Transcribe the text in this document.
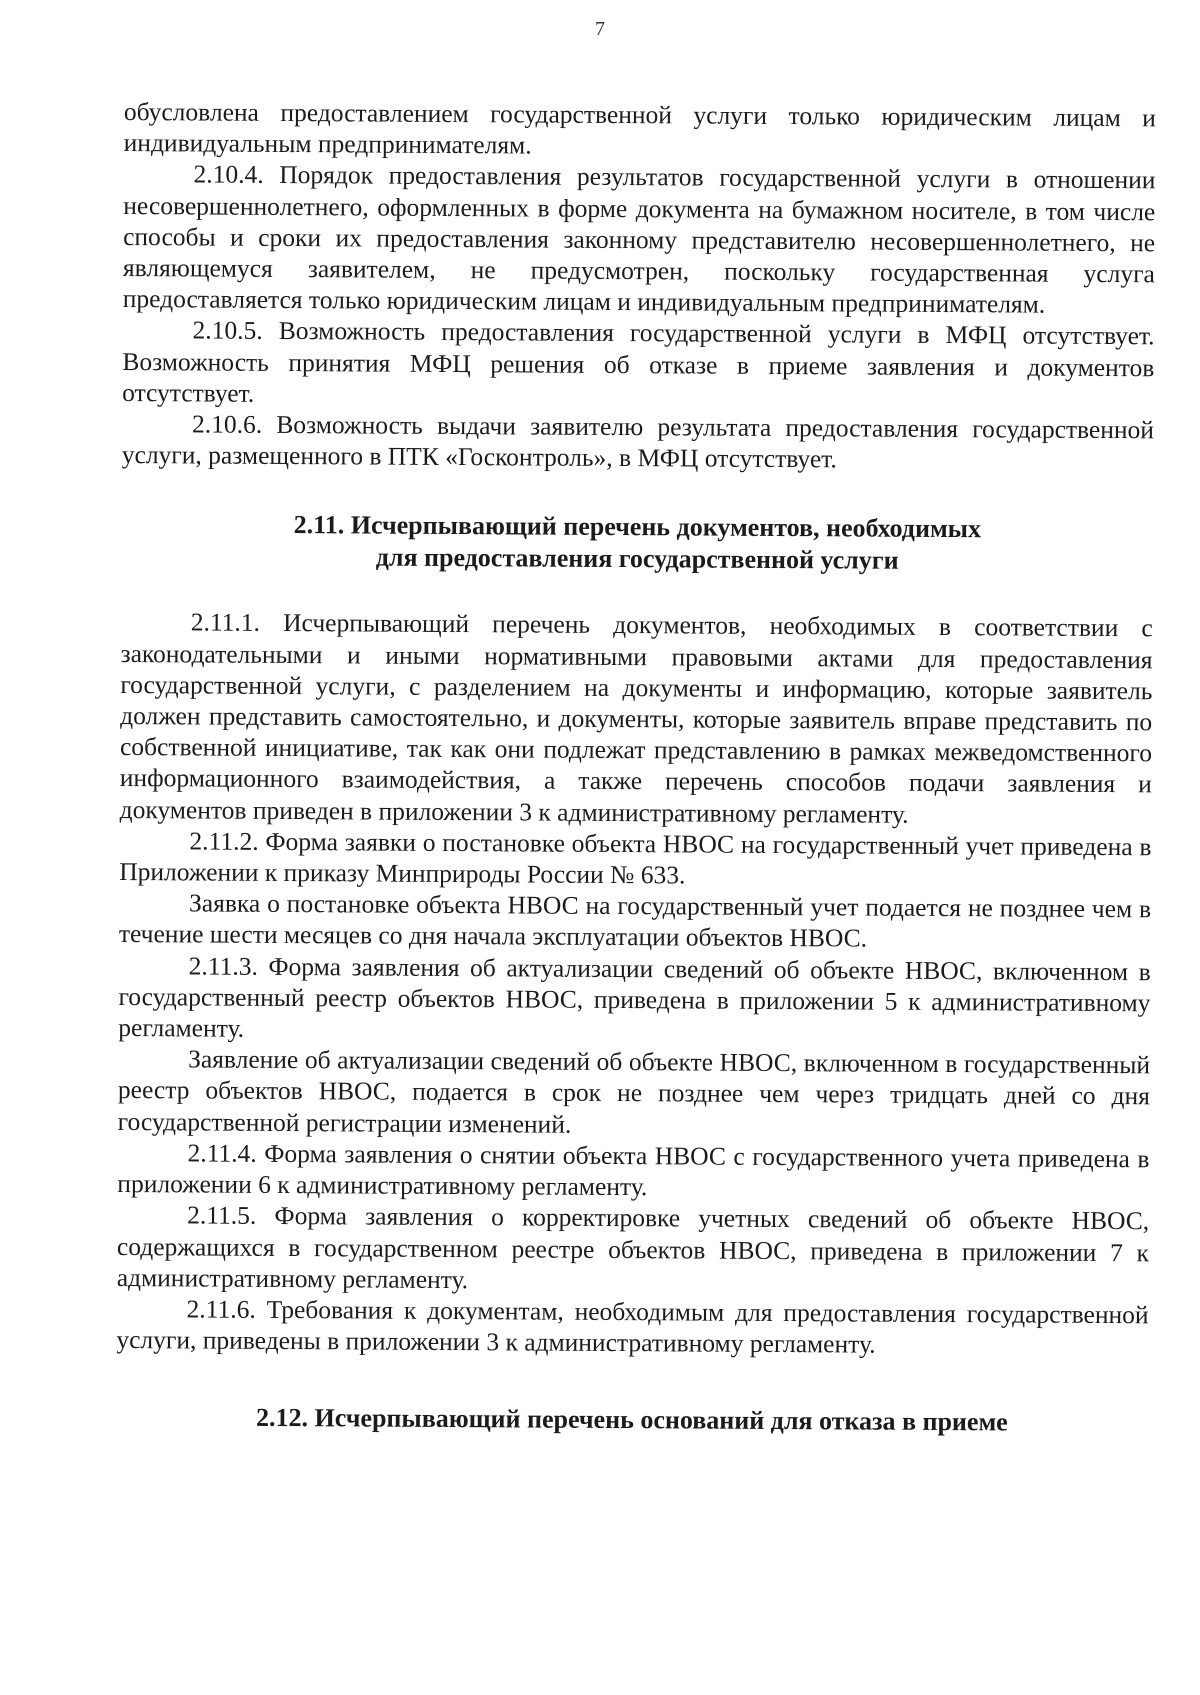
7

обусловлена предоставлением государственной услуги только юридическим лицам и индивидуальным предпринимателям.

2.10.4. Порядок предоставления результатов государственной услуги в отношении несовершеннолетнего, оформленных в форме документа на бумажном носителе, в том числе способы и сроки их предоставления законному представителю несовершеннолетнего, не являющемуся заявителем, не предусмотрен, поскольку государственная услуга предоставляется только юридическим лицам и индивидуальным предпринимателям.

2.10.5. Возможность предоставления государственной услуги в МФЦ отсутствует. Возможность принятия МФЦ решения об отказе в приеме заявления и документов отсутствует.

2.10.6. Возможность выдачи заявителю результата предоставления государственной услуги, размещенного в ПТК «Госконтроль», в МФЦ отсутствует.

2.11. Исчерпывающий перечень документов, необходимых
для предоставления государственной услуги

2.11.1. Исчерпывающий перечень документов, необходимых в соответствии с законодательными и иными нормативными правовыми актами для предоставления государственной услуги, с разделением на документы и информацию, которые заявитель должен представить самостоятельно, и документы, которые заявитель вправе представить по собственной инициативе, так как они подлежат представлению в рамках межведомственного информационного взаимодействия, а также перечень способов подачи заявления и документов приведен в приложении 3 к административному регламенту.

2.11.2. Форма заявки о постановке объекта НВОС на государственный учет приведена в Приложении к приказу Минприроды России № 633.

Заявка о постановке объекта НВОС на государственный учет подается не позднее чем в течение шести месяцев со дня начала эксплуатации объектов НВОС.

2.11.3. Форма заявления об актуализации сведений об объекте НВОС, включенном в государственный реестр объектов НВОС, приведена в приложении 5 к административному регламенту.

Заявление об актуализации сведений об объекте НВОС, включенном в государственный реестр объектов НВОС, подается в срок не позднее чем через тридцать дней со дня государственной регистрации изменений.

2.11.4. Форма заявления о снятии объекта НВОС с государственного учета приведена в приложении 6 к административному регламенту.

2.11.5. Форма заявления о корректировке учетных сведений об объекте НВОС, содержащихся в государственном реестре объектов НВОС, приведена в приложении 7 к административному регламенту.

2.11.6. Требования к документам, необходимым для предоставления государственной услуги, приведены в приложении 3 к административному регламенту.

2.12. Исчерпывающий перечень оснований для отказа в приеме
